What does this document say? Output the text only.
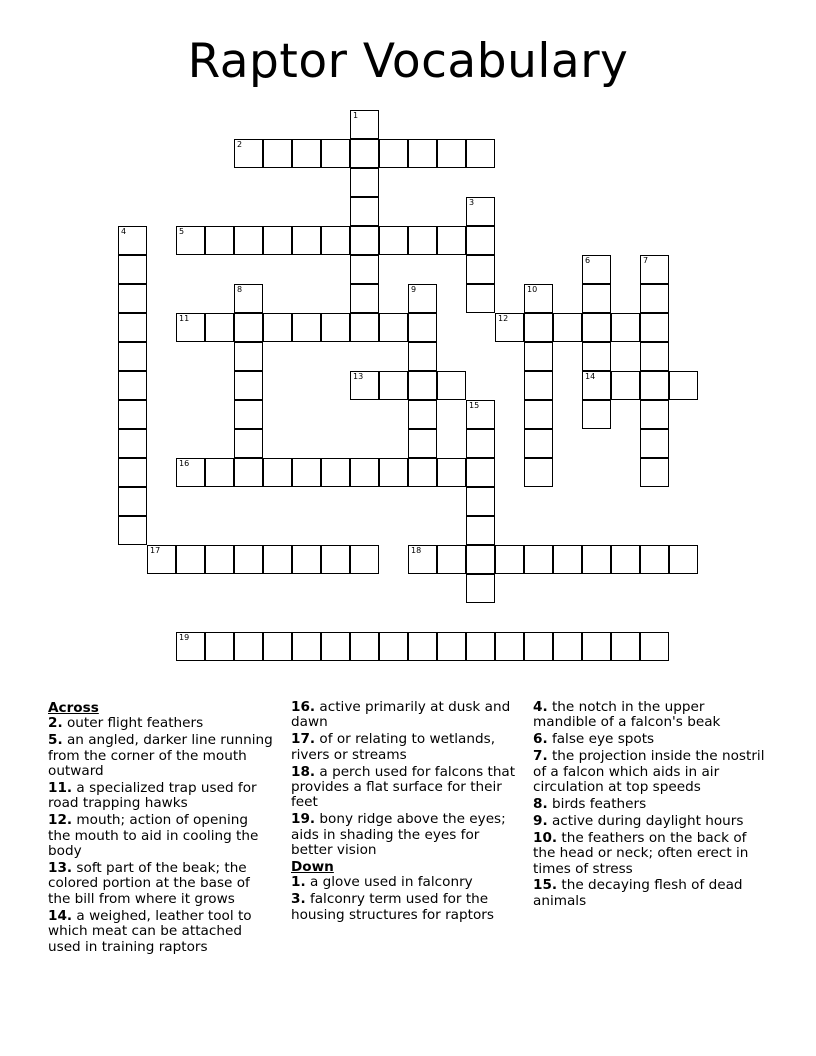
Raptor Vocabulary
1
2
3
4	5
6
14
7
8	9	10
11	12
13
15
16
17	18
19
Across
2. outer flight feathers
5. an angled, darker line running from the corner of the mouth outward
11. a specialized trap used for road trapping hawks
12. mouth; action of opening the mouth to aid in cooling the body
13. soft part of the beak; the colored portion at the base of the bill from where it grows
14. a weighed, leather tool to which meat can be attached used in training raptors
16. active primarily at dusk and dawn
17. of or relating to wetlands, rivers or streams
18. a perch used for falcons that provides a flat surface for their feet
19. bony ridge above the eyes; aids in shading the eyes for better vision
Down
1. a glove used in falconry
3. falconry term used for the housing structures for raptors
4. the notch in the upper mandible of a falcon's beak
6. false eye spots
7. the projection inside the nostril of a falcon which aids in air circulation at top speeds
8. birds feathers
9. active during daylight hours
10. the feathers on the back of the head or neck; often erect in times of stress
15. the decaying flesh of dead animals
